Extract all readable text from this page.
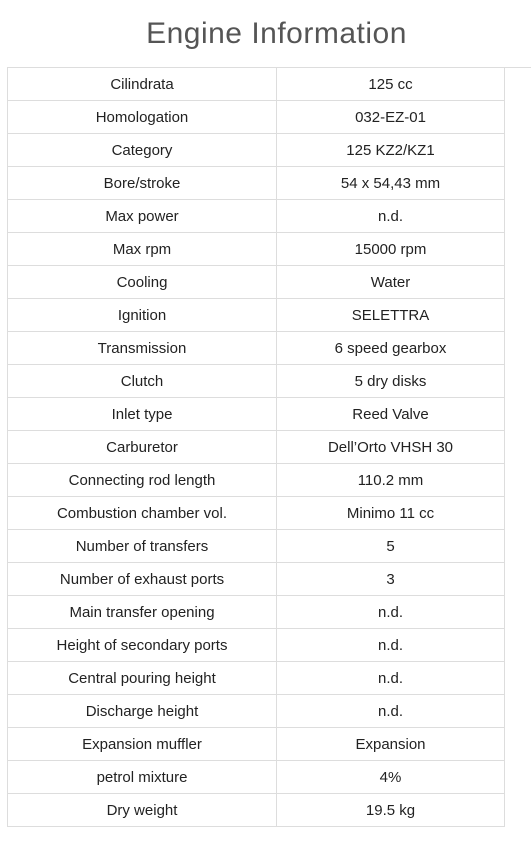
Engine Information
Cilindrata	125 cc
Homologation	032-EZ-01
Category	125 KZ2/KZ1
Bore/stroke	54 x 54,43 mm
Max power	n.d.
Max rpm	15000 rpm
Cooling	Water
Ignition	SELETTRA
Transmission	6 speed gearbox
Clutch	5 dry disks
Inlet type	Reed Valve
Carburetor	Dell’Orto VHSH 30
Connecting rod length	110.2 mm
Combustion chamber vol.	Minimo 11 cc
Number of transfers	5
Number of exhaust ports	3
Main transfer opening	n.d.
Height of secondary ports	n.d.
Central pouring height	n.d.
Discharge height	n.d.
Expansion muffler	Expansion
petrol mixture	4%
Dry weight	19.5 kg
